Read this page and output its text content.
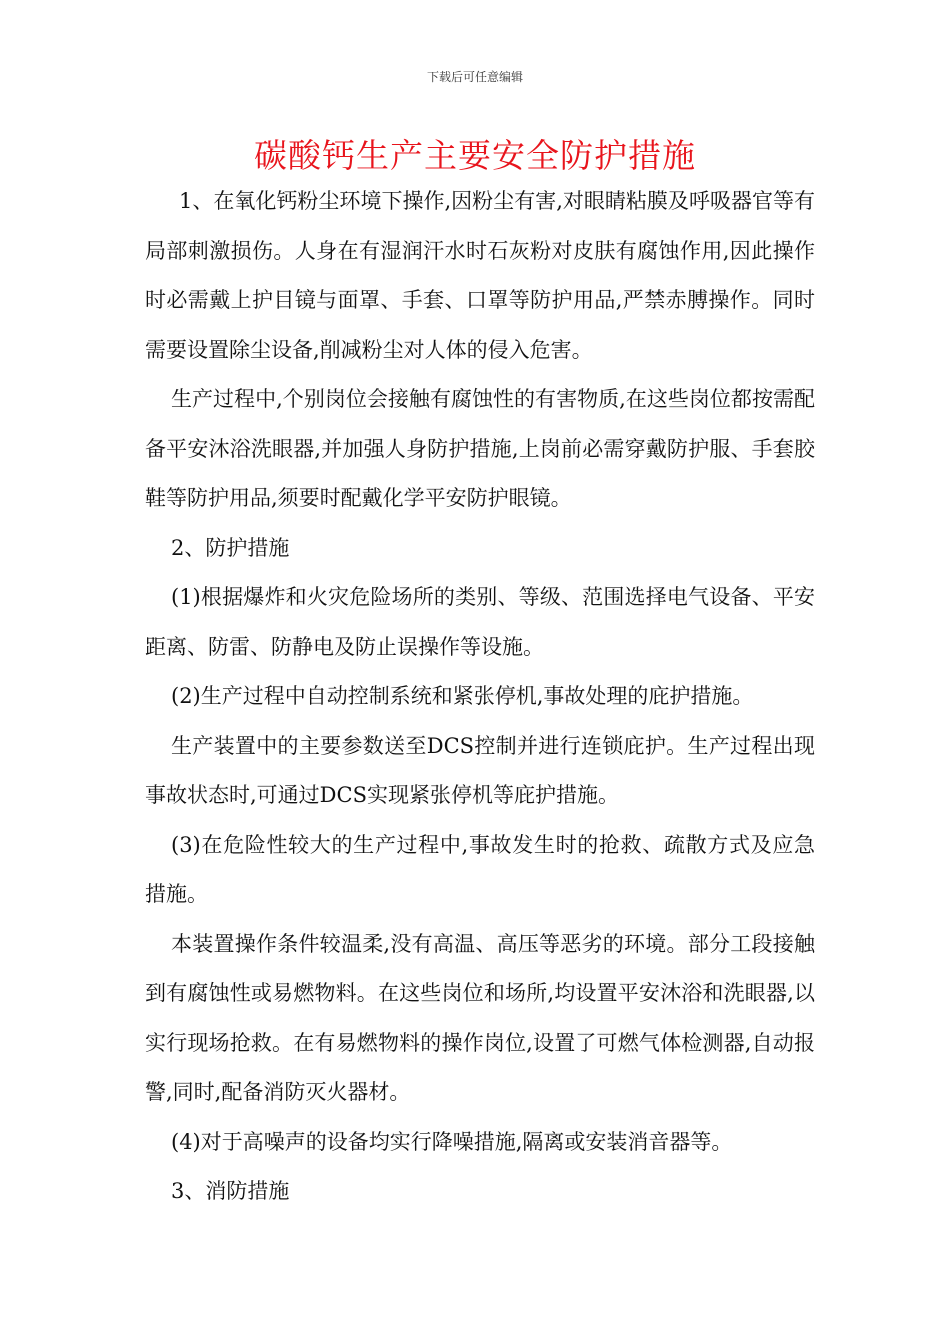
下载后可任意编辑
碳酸钙生产主要安全防护措施

1、在氧化钙粉尘环境下操作,因粉尘有害,对眼睛粘膜及呼吸器官等有局部刺激损伤。人身在有湿润汗水时石灰粉对皮肤有腐蚀作用,因此操作时必需戴上护目镜与面罩、手套、口罩等防护用品,严禁赤膊操作。同时需要设置除尘设备,削减粉尘对人体的侵入危害。

生产过程中,个别岗位会接触有腐蚀性的有害物质,在这些岗位都按需配备平安沐浴洗眼器,并加强人身防护措施,上岗前必需穿戴防护服、手套胶鞋等防护用品,须要时配戴化学平安防护眼镜。

2、防护措施

(1)根据爆炸和火灾危险场所的类别、等级、范围选择电气设备、平安距离、防雷、防静电及防止误操作等设施。

(2)生产过程中自动控制系统和紧张停机,事故处理的庇护措施。

生产装置中的主要参数送至DCS控制并进行连锁庇护。生产过程出现事故状态时,可通过DCS实现紧张停机等庇护措施。

(3)在危险性较大的生产过程中,事故发生时的抢救、疏散方式及应急措施。

本装置操作条件较温柔,没有高温、高压等恶劣的环境。部分工段接触到有腐蚀性或易燃物料。在这些岗位和场所,均设置平安沐浴和洗眼器,以实行现场抢救。在有易燃物料的操作岗位,设置了可燃气体检测器,自动报警,同时,配备消防灭火器材。

(4)对于高噪声的设备均实行降噪措施,隔离或安装消音器等。

3、消防措施
